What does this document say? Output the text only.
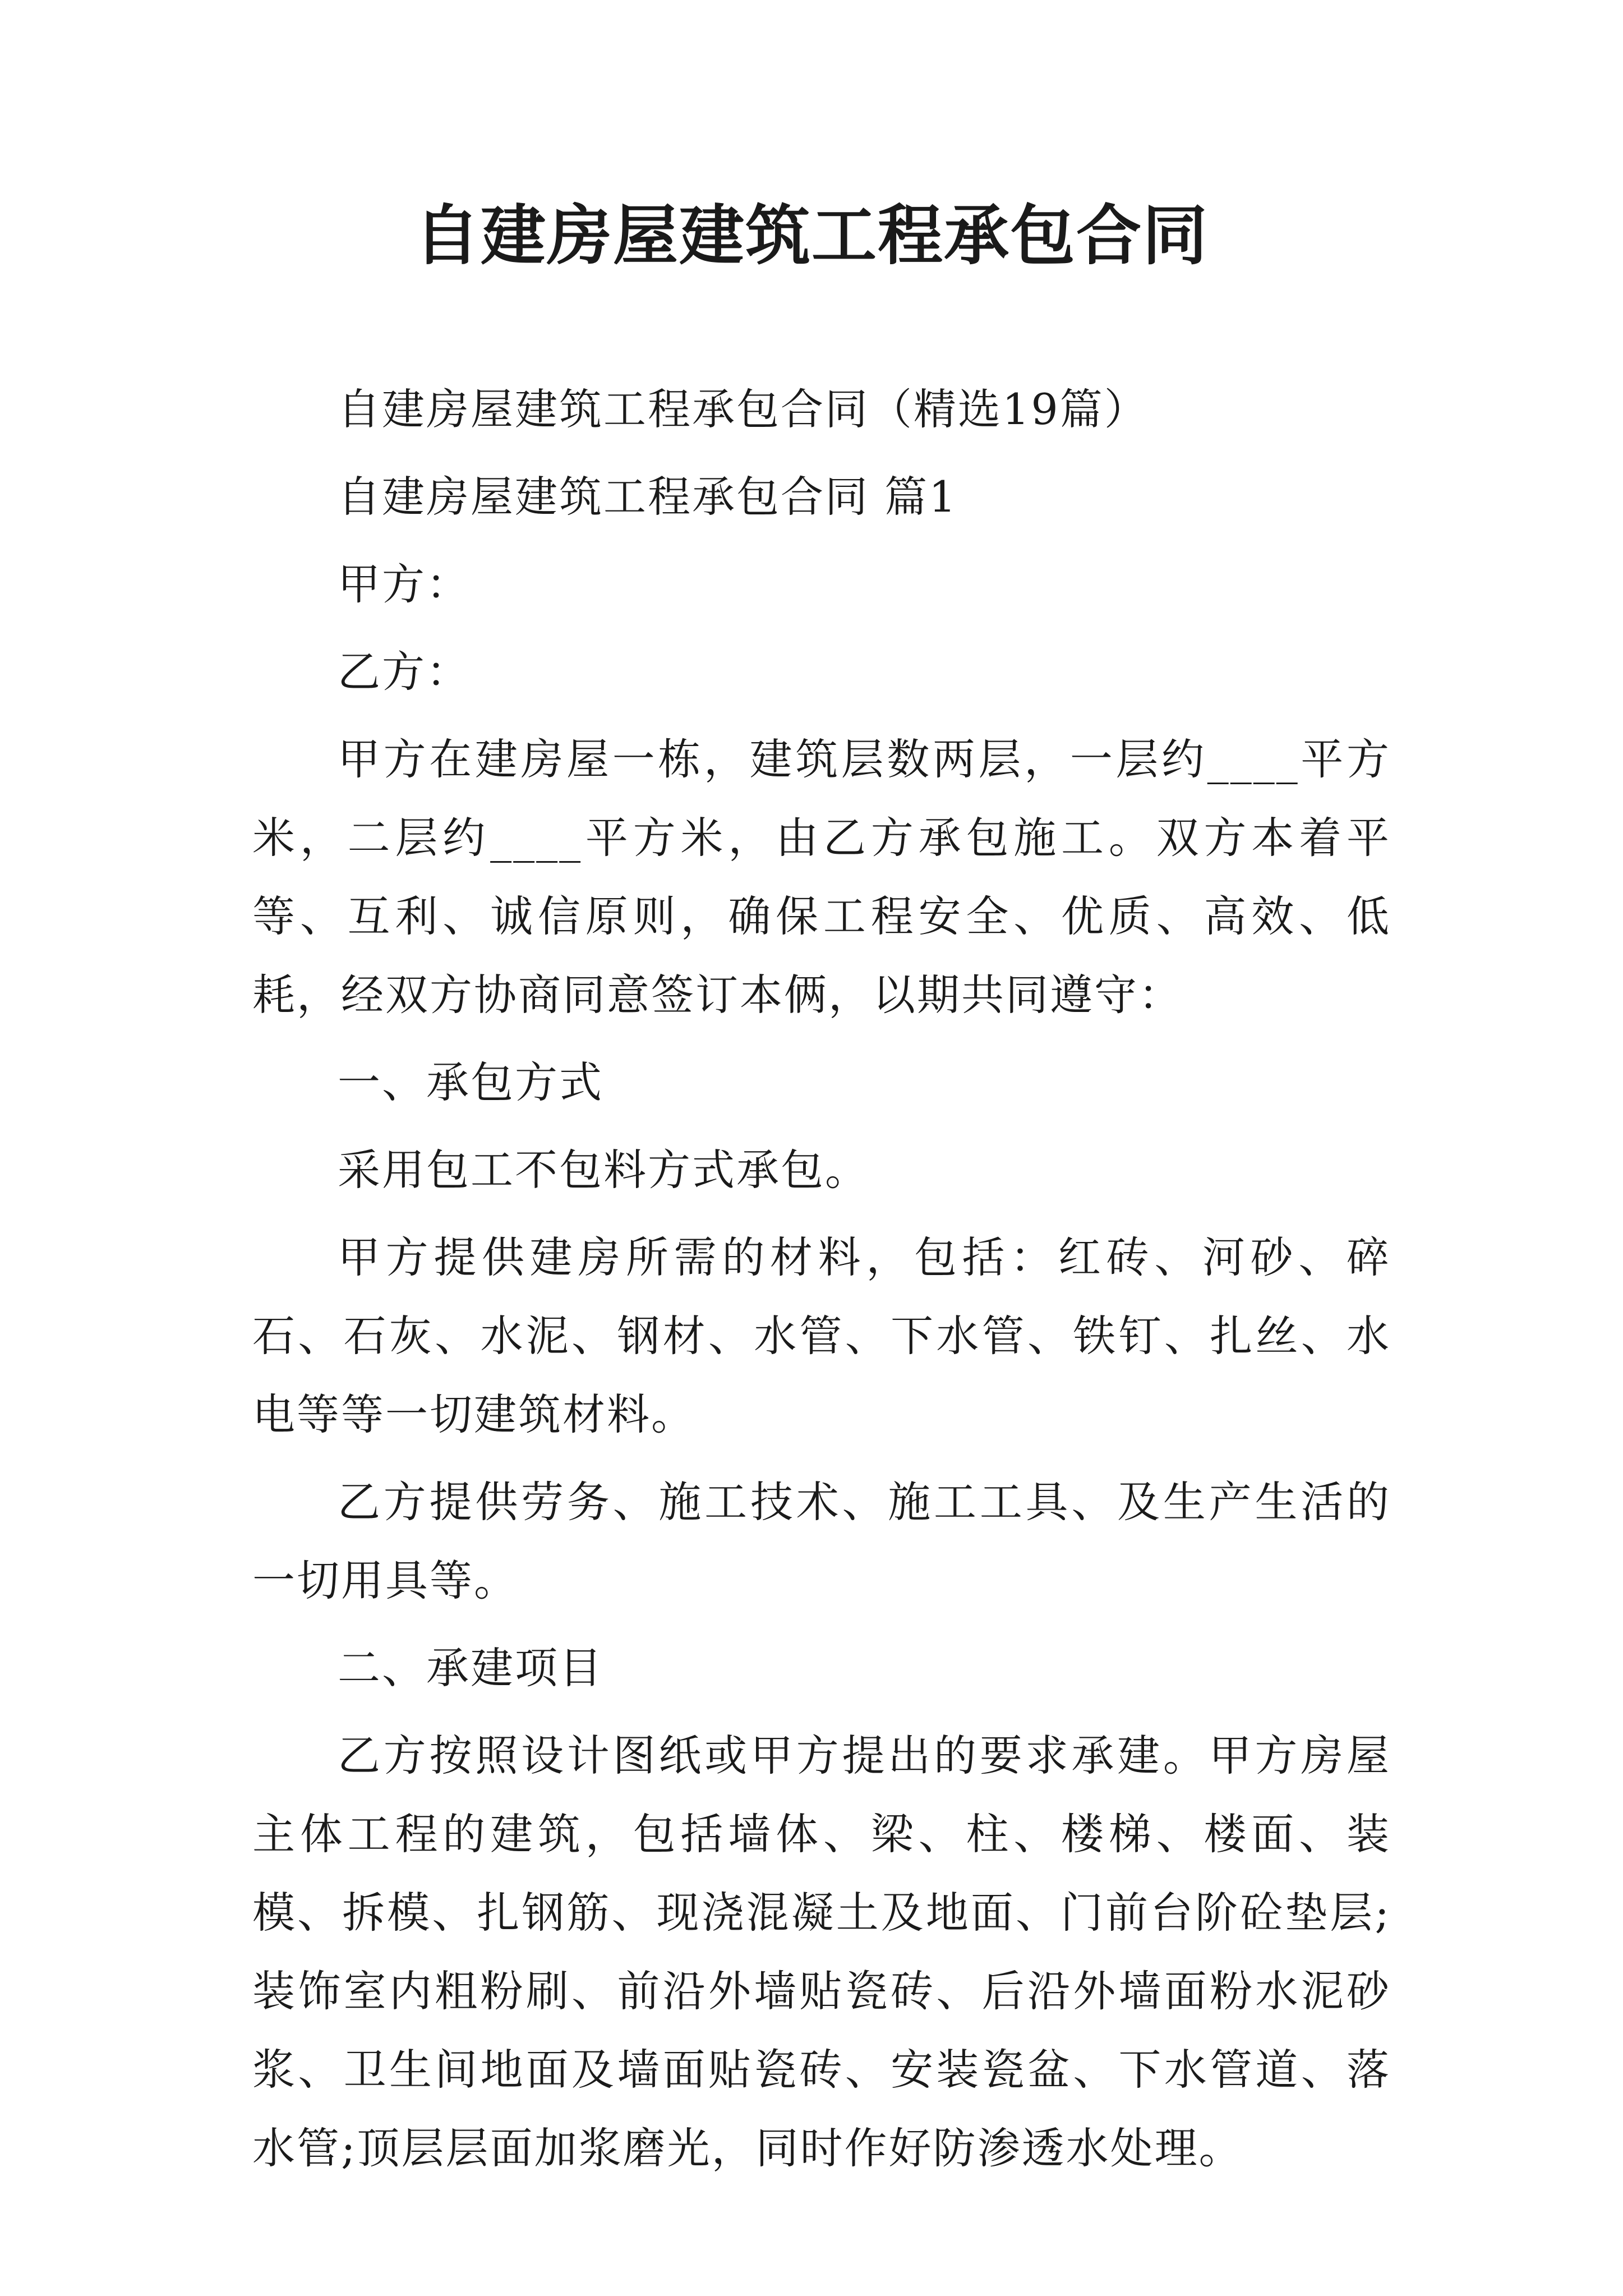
自建房屋建筑工程承包合同

自建房屋建筑工程承包合同（精选19篇）

自建房屋建筑工程承包合同 篇1

甲方：

乙方：

甲方在建房屋一栋，建筑层数两层，一层约____平方米，二层约____平方米，由乙方承包施工。双方本着平等、互利、诚信原则，确保工程安全、优质、高效、低耗，经双方协商同意签订本俩，以期共同遵守：

一、承包方式

采用包工不包料方式承包。

甲方提供建房所需的材料，包括：红砖、河砂、碎石、石灰、水泥、钢材、水管、下水管、铁钉、扎丝、水电等等一切建筑材料。

乙方提供劳务、施工技术、施工工具、及生产生活的一切用具等。

二、承建项目

乙方按照设计图纸或甲方提出的要求承建。甲方房屋主体工程的建筑，包括墙体、梁、柱、楼梯、楼面、装模、拆模、扎钢筋、现浇混凝土及地面、门前台阶砼垫层;装饰室内粗粉刷、前沿外墙贴瓷砖、后沿外墙面粉水泥砂浆、卫生间地面及墙面贴瓷砖、安装瓷盆、下水管道、落水管;顶层层面加浆磨光，同时作好防渗透水处理。
